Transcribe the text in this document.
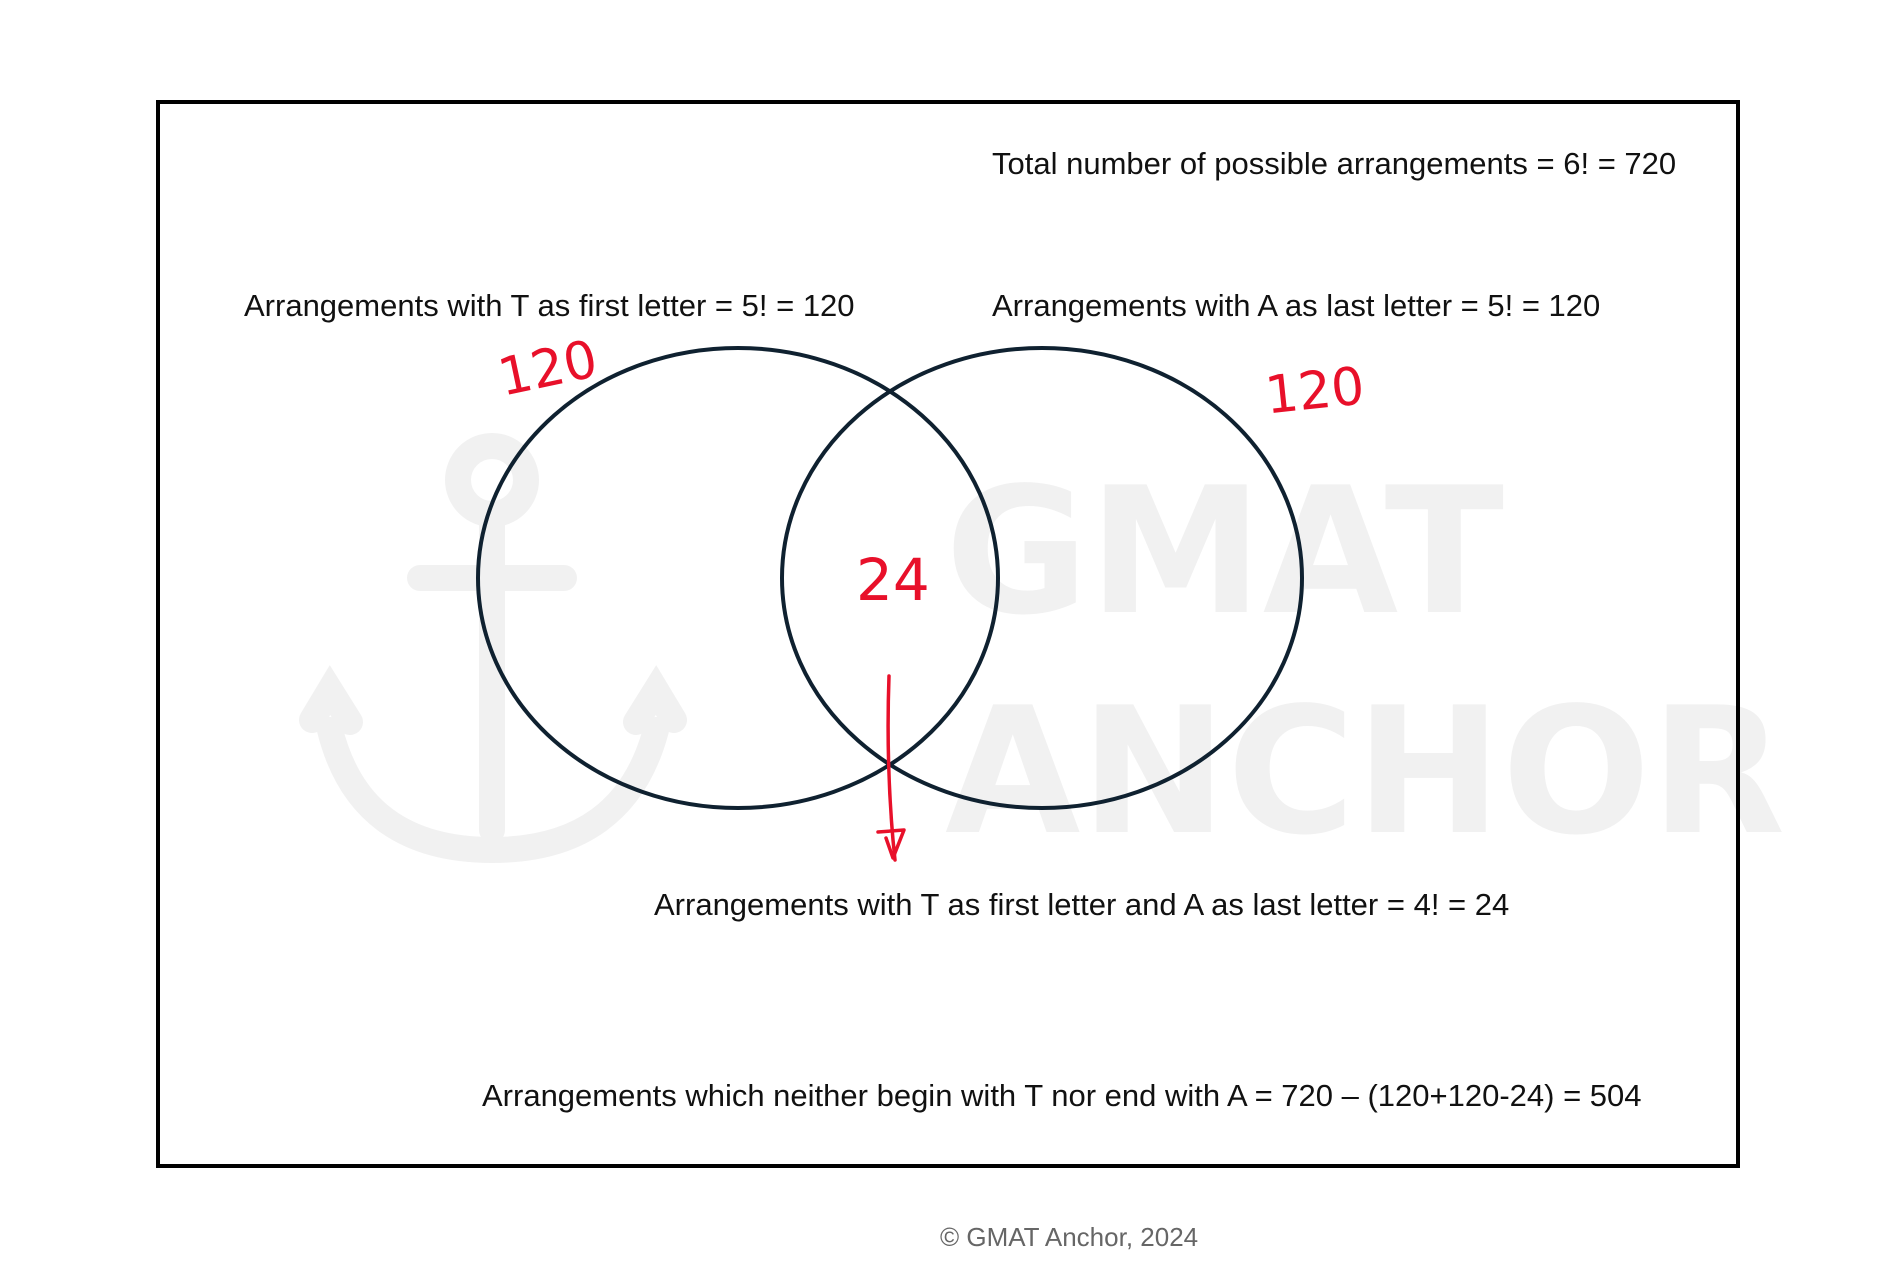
GMAT
ANCHOR
120	120
24
Total number of possible arrangements = 6! = 720
Arrangements with T as first letter = 5! = 120	Arrangements with A as last letter = 5! = 120
Arrangements with T as first letter and A as last letter = 4! = 24
Arrangements which neither begin with T nor end with A = 720 – (120+120-24) = 504
© GMAT Anchor, 2024
